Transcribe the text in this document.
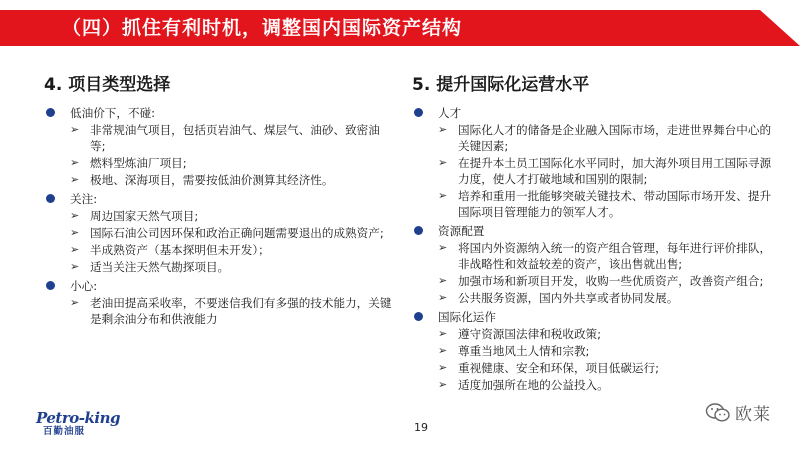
（四）抓住有利时机，调整国内国际资产结构
4. 项目类型选择
低油价下，不碰:
➢ 非常规油气项目，包括页岩油气、煤层气、油砂、致密油等;
➢ 燃料型炼油厂项目;
➢ 极地、深海项目，需要按低油价测算其经济性。
关注:
➢ 周边国家天然气项目;
➢ 国际石油公司因环保和政治正确问题需要退出的成熟资产;
➢ 半成熟资产（基本探明但未开发）；
➢ 适当关注天然气勘探项目。
小心:
➢ 老油田提高采收率，不要迷信我们有多强的技术能力，关键是剩余油分布和供液能力
5. 提升国际化运营水平
人才
➢ 国际化人才的储备是企业融入国际市场，走进世界舞台中心的关键因素;
➢ 在提升本土员工国际化水平同时，加大海外项目用工国际寻源力度，使人才打破地域和国别的限制;
➢ 培养和重用一批能够突破关键技术、带动国际市场开发、提升国际项目管理能力的领军人才。
资源配置
➢ 将国内外资源纳入统一的资产组合管理，每年进行评价排队，非战略性和效益较差的资产，该出售就出售;
➢ 加强市场和新项目开发，收购一些优质资产，改善资产组合;
➢ 公共服务资源，国内外共享或者协同发展。
国际化运作
➢ 遵守资源国法律和税收政策;
➢ 尊重当地风土人情和宗教;
➢ 重视健康、安全和环保，项目低碳运行;
➢ 适度加强所在地的公益投入。
Petro-king
百勤油服	19
欧莱
